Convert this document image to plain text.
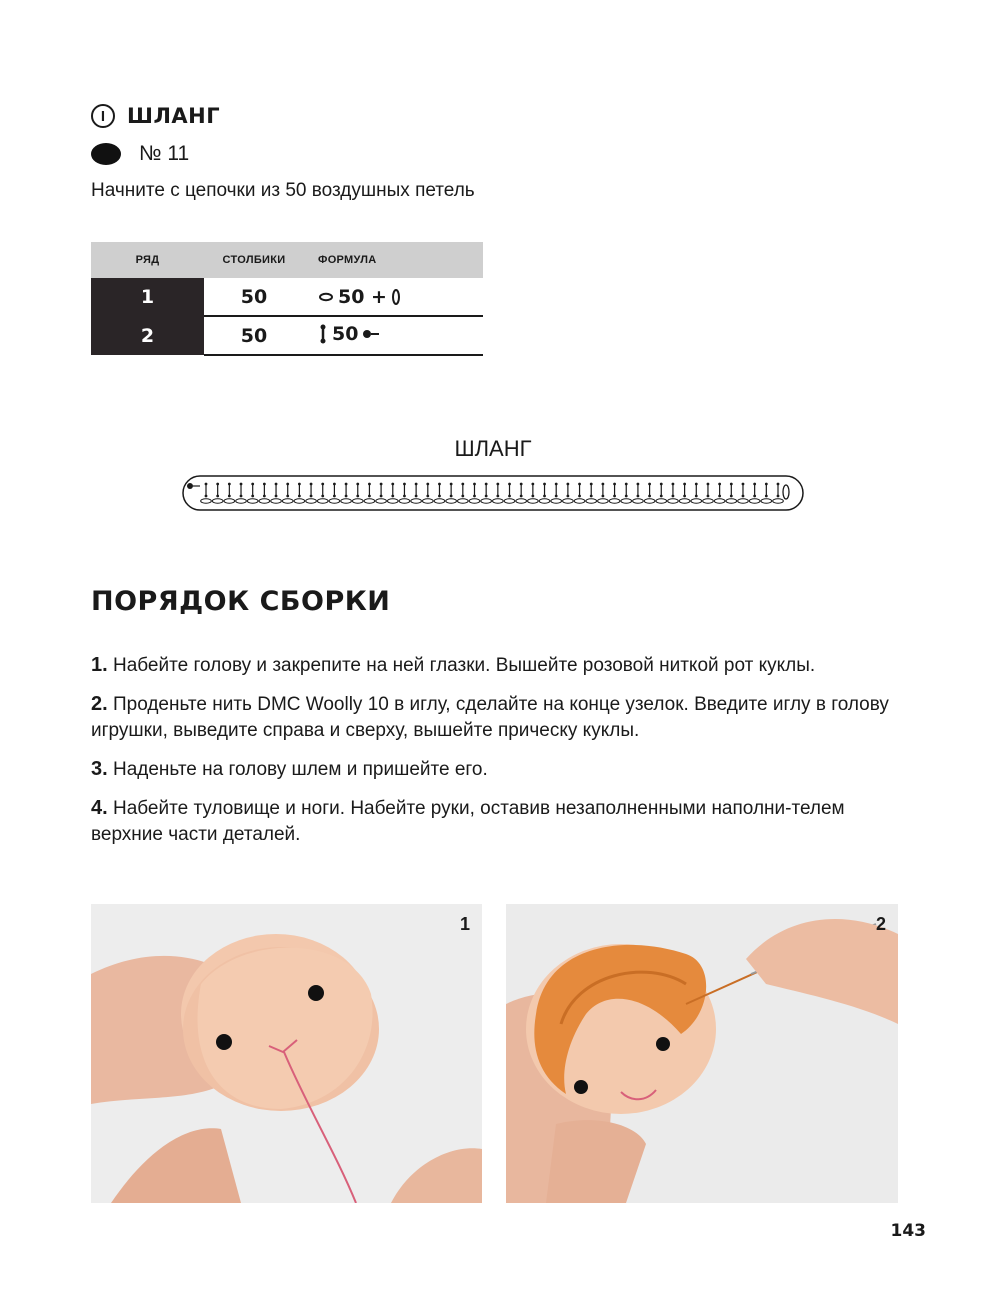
I	ШЛАНГ
№ 11
Начните с цепочки из 50 воздушных петель
РЯД	СТОЛБИКИ	ФОРМУЛА
1	50	50 +

2	50	50
ШЛАНГ
ПОРЯДОК СБОРКИ

1. Набейте голову и закрепите на ней глазки. Вышейте розовой ниткой рот куклы.

2. Проденьте нить DMC Woolly 10 в иглу, сделайте на конце узелок. Введите иглу в голову игрушки, выведите справа и сверху, вышейте прическу куклы.

3. Наденьте на голову шлем и пришейте его.

4. Набейте туловище и ноги. Набейте руки, оставив незаполненными наполни-телем верхние части деталей.

1	2
143
